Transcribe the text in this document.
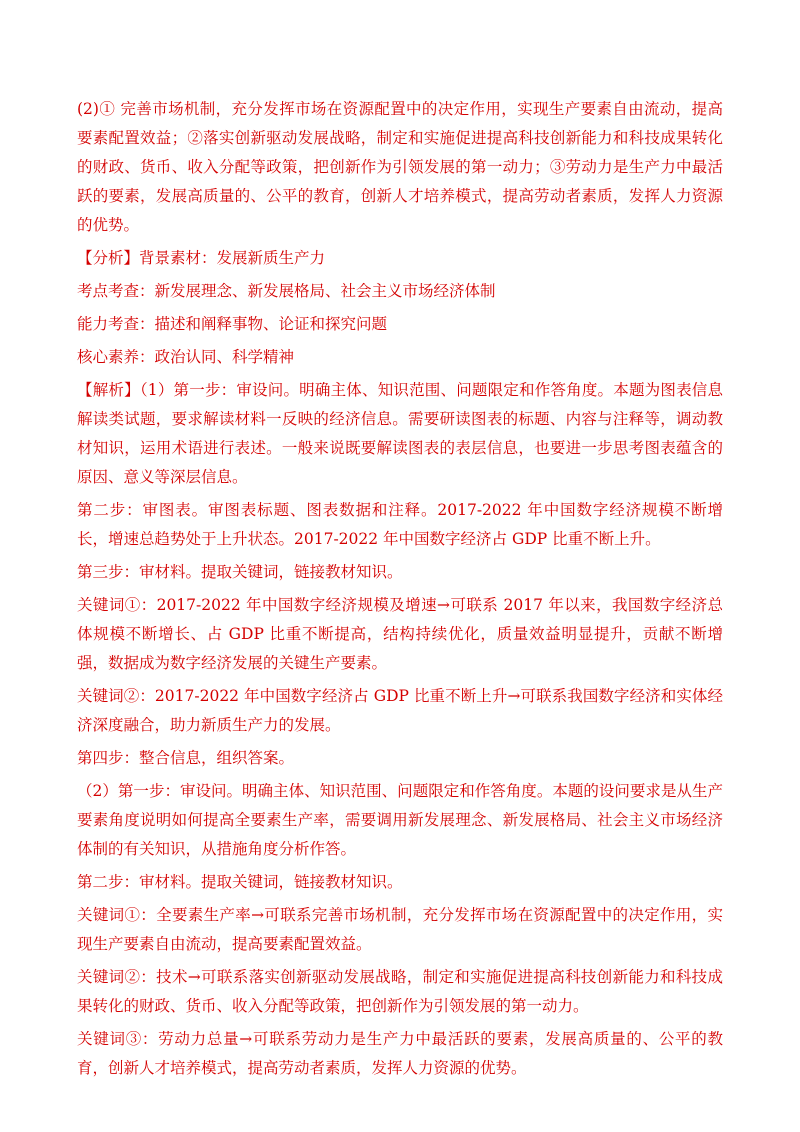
(2)① 完善市场机制，充分发挥市场在资源配置中的决定作用，实现生产要素自由流动，提高要素配置效益；②落实创新驱动发展战略，制定和实施促进提高科技创新能力和科技成果转化的财政、货币、收入分配等政策，把创新作为引领发展的第一动力；③劳动力是生产力中最活跃的要素，发展高质量的、公平的教育，创新人才培养模式，提高劳动者素质，发挥人力资源的优势。

【分析】背景素材：发展新质生产力

考点考查：新发展理念、新发展格局、社会主义市场经济体制

能力考查：描述和阐释事物、论证和探究问题

核心素养：政治认同、科学精神

【解析】（1）第一步：审设问。明确主体、知识范围、问题限定和作答角度。本题为图表信息解读类试题，要求解读材料一反映的经济信息。需要研读图表的标题、内容与注释等，调动教材知识，运用术语进行表述。一般来说既要解读图表的表层信息，也要进一步思考图表蕴含的原因、意义等深层信息。

第二步：审图表。审图表标题、图表数据和注释。2017-2022 年中国数字经济规模不断增长，增速总趋势处于上升状态。2017-2022 年中国数字经济占 GDP 比重不断上升。

第三步：审材料。提取关键词，链接教材知识。

关键词①：2017-2022 年中国数字经济规模及增速→可联系 2017 年以来，我国数字经济总体规模不断增长、占 GDP 比重不断提高，结构持续优化，质量效益明显提升，贡献不断增强，数据成为数字经济发展的关键生产要素。

关键词②：2017-2022 年中国数字经济占 GDP 比重不断上升→可联系我国数字经济和实体经济深度融合，助力新质生产力的发展。

第四步：整合信息，组织答案。

（2）第一步：审设问。明确主体、知识范围、问题限定和作答角度。本题的设问要求是从生产要素角度说明如何提高全要素生产率，需要调用新发展理念、新发展格局、社会主义市场经济体制的有关知识，从措施角度分析作答。

第二步：审材料。提取关键词，链接教材知识。

关键词①：全要素生产率→可联系完善市场机制，充分发挥市场在资源配置中的决定作用，实现生产要素自由流动，提高要素配置效益。

关键词②：技术→可联系落实创新驱动发展战略，制定和实施促进提高科技创新能力和科技成果转化的财政、货币、收入分配等政策，把创新作为引领发展的第一动力。

关键词③：劳动力总量→可联系劳动力是生产力中最活跃的要素，发展高质量的、公平的教育，创新人才培养模式，提高劳动者素质，发挥人力资源的优势。
